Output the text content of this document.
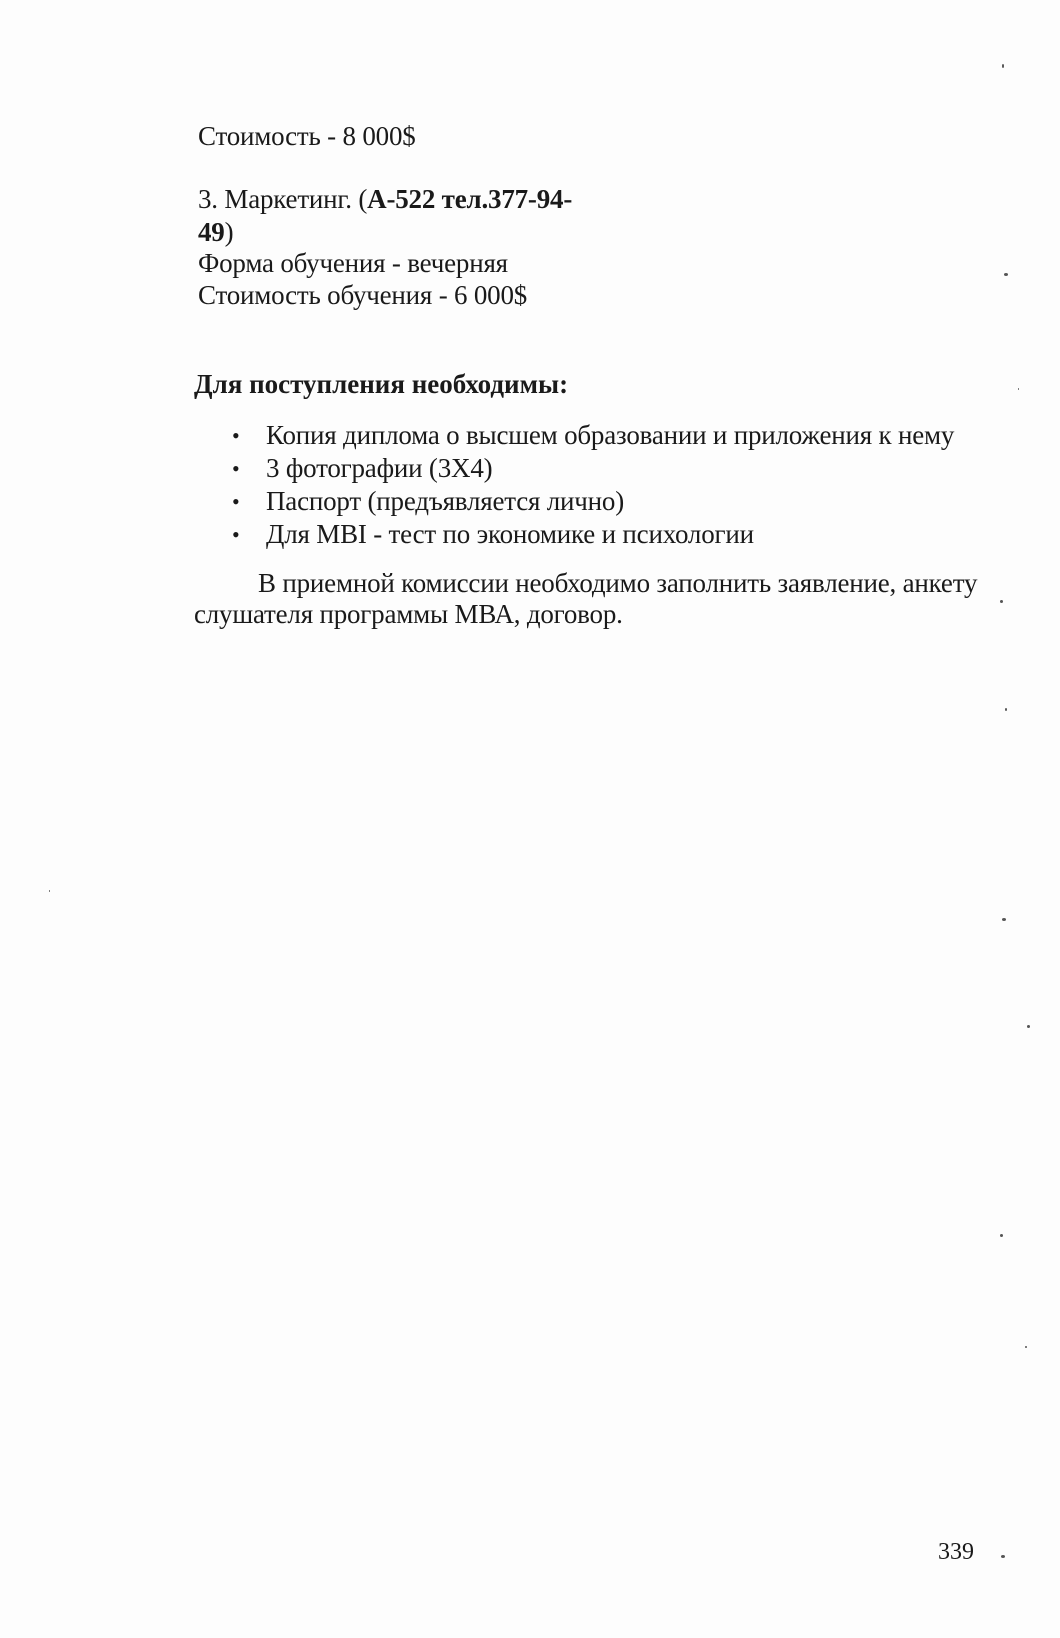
Стоимость - 8 000$
3. Маркетинг. (А-522 тел.377-94-
49)
Форма обучения - вечерняя
Стоимость обучения - 6 000$
Для поступления необходимы:
• Копия диплома о высшем образовании и приложения к нему
• 3 фотографии (3Х4)
• Паспорт (предъявляется лично)
• Для MBI - тест по экономике и психологии
В приемной комиссии необходимо заполнить заявление, анкету
слушателя программы МВА, договор.
339
